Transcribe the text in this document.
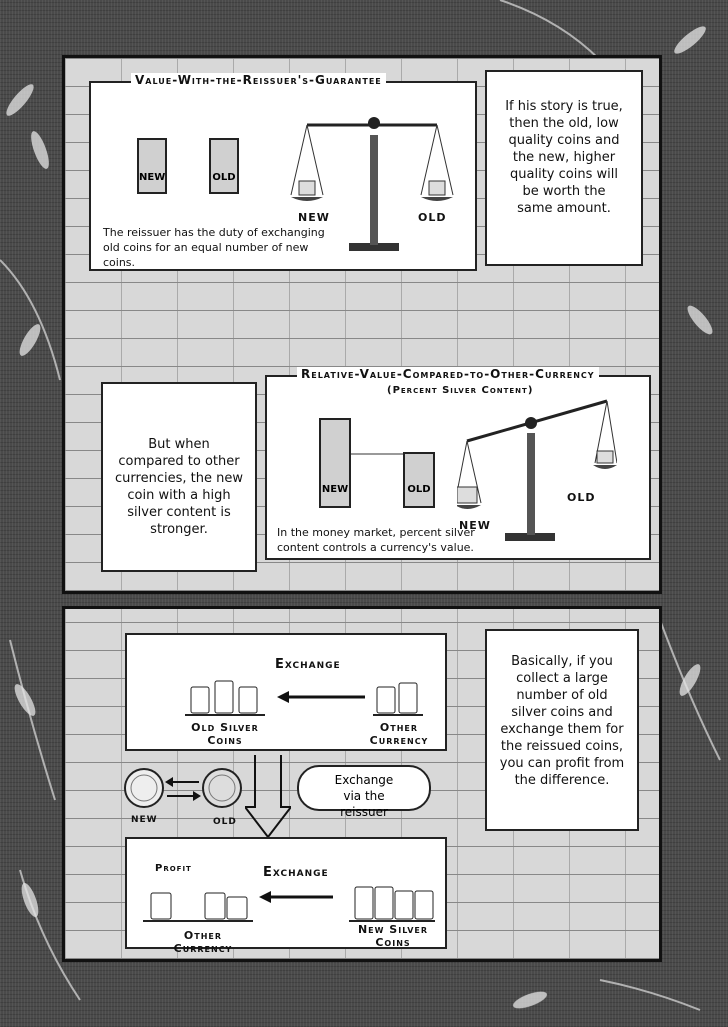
Value-With-the-Reissuer's-Guarantee
NEW	OLD
NEW	OLD
The reissuer has the duty of exchanging old coins for an equal number of new coins.
If his story is true, then the old, low quality coins and the new, higher quality coins will be worth the same amount.
But when compared to other currencies, the new coin with a high silver content is stronger.
Relative-Value-Compared-to-Other-Currency
(Percent Silver Content)
NEW	OLD
NEW
OLD
In the money market, percent silver content controls a currency's value.
Exchange
Old Silver Coins
Other Currency
NEW	OLD
Exchange via the reissuer
Profit	Exchange
Other Currency
New Silver Coins
Basically, if you collect a large number of old silver coins and exchange them for the reissued coins, you can profit from the difference.
